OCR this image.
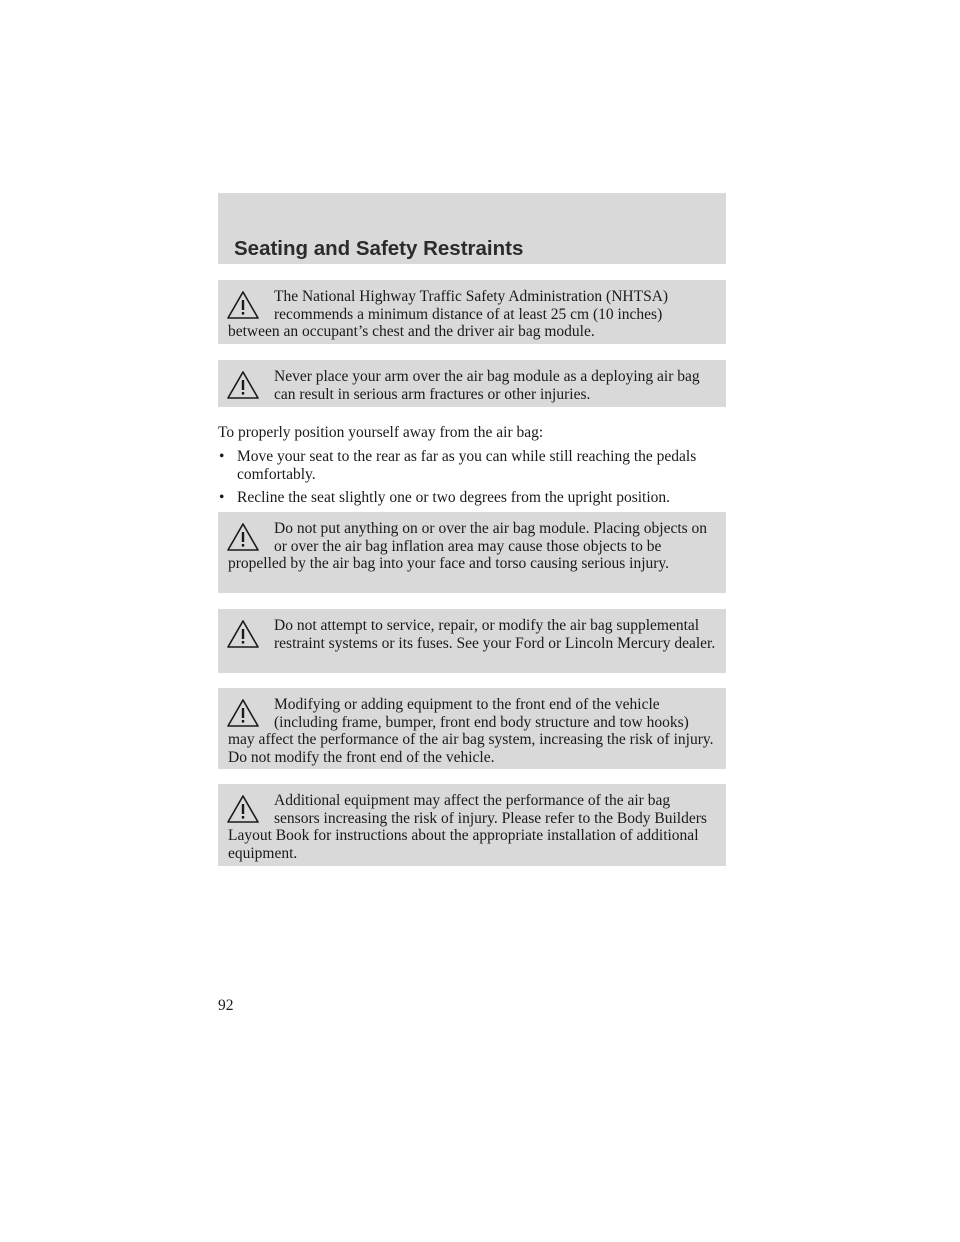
Seating and Safety Restraints
The National Highway Traffic Safety Administration (NHTSA) recommends a minimum distance of at least 25 cm (10 inches) between an occupant’s chest and the driver air bag module.
Never place your arm over the air bag module as a deploying air bag can result in serious arm fractures or other injuries.
To properly position yourself away from the air bag:
• Move your seat to the rear as far as you can while still reaching the pedals comfortably.
• Recline the seat slightly one or two degrees from the upright position.
Do not put anything on or over the air bag module. Placing objects on or over the air bag inflation area may cause those objects to be propelled by the air bag into your face and torso causing serious injury.
Do not attempt to service, repair, or modify the air bag supplemental restraint systems or its fuses. See your Ford or Lincoln Mercury dealer.
Modifying or adding equipment to the front end of the vehicle (including frame, bumper, front end body structure and tow hooks) may affect the performance of the air bag system, increasing the risk of injury. Do not modify the front end of the vehicle.
Additional equipment may affect the performance of the air bag sensors increasing the risk of injury. Please refer to the Body Builders Layout Book for instructions about the appropriate installation of additional equipment.
92
